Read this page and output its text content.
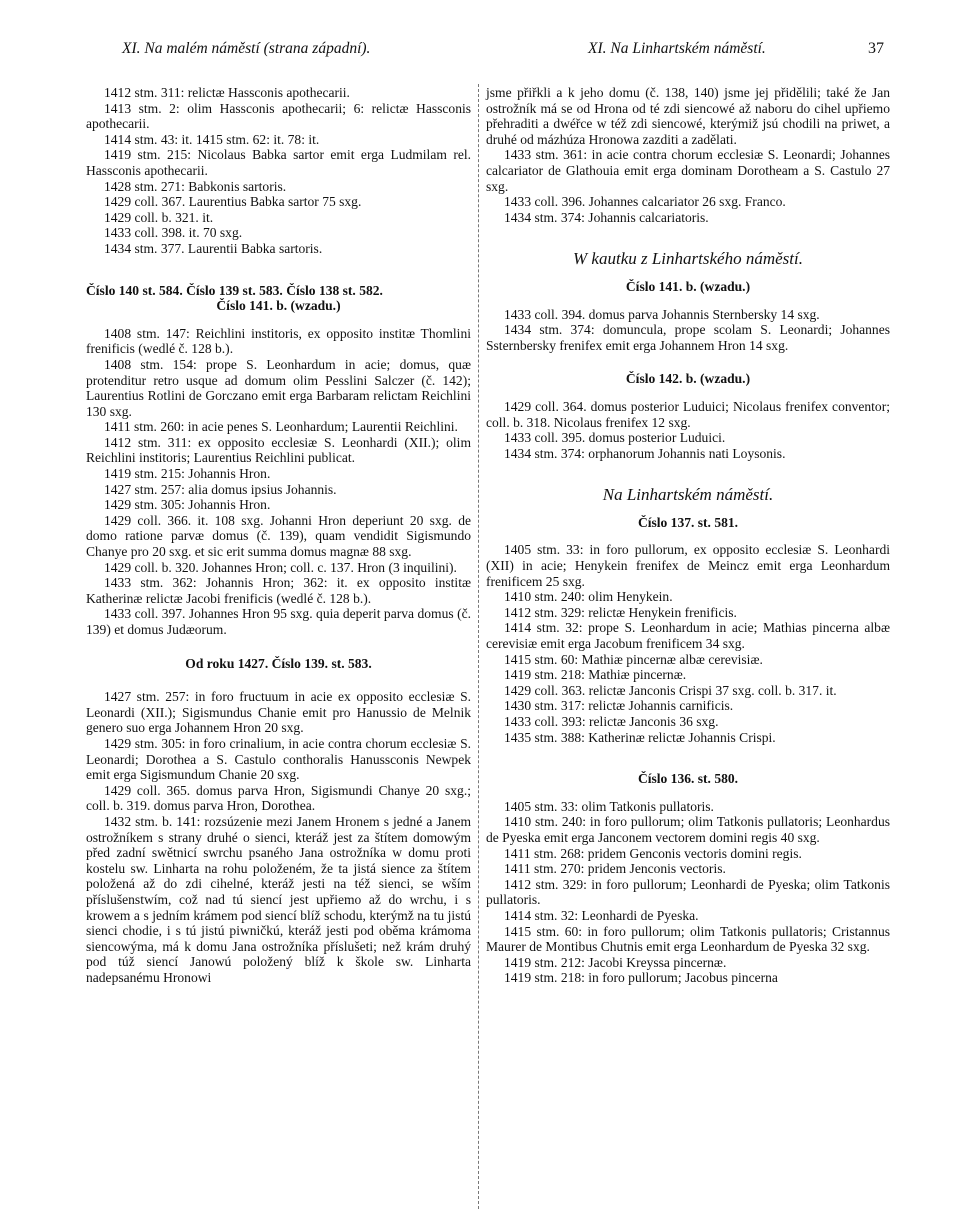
XI. Na malém náměstí (strana západní).	XI. Na Linhartském náměstí.	37

1412 stm. 311: relictæ Hassconis apothecarii.

1413 stm. 2: olim Hassconis apothecarii; 6: relictæ Hassconis apothecarii.

1414 stm. 43: it. 1415 stm. 62: it. 78: it.

1419 stm. 215: Nicolaus Babka sartor emit erga Ludmilam rel. Hassconis apothecarii.

1428 stm. 271: Babkonis sartoris.

1429 coll. 367. Laurentius Babka sartor 75 sxg.

1429 coll. b. 321. it.

1433 coll. 398. it. 70 sxg.

1434 stm. 377. Laurentii Babka sartoris.

Číslo 140 st. 584. Číslo 139 st. 583. Číslo 138 st. 582.

Číslo 141. b. (wzadu.)

1408 stm. 147: Reichlini institoris, ex opposito institæ Thomlini frenificis (wedlé č. 128 b.).

1408 stm. 154: prope S. Leonhardum in acie; domus, quæ protenditur retro usque ad domum olim Pesslini Salczer (č. 142); Laurentius Rotlini de Gorczano emit erga Barbaram relictam Reichlini 130 sxg.

1411 stm. 260: in acie penes S. Leonhardum; Laurentii Reichlini.

1412 stm. 311: ex opposito ecclesiæ S. Leonhardi (XII.); olim Reichlini institoris; Laurentius Reichlini publicat.

1419 stm. 215: Johannis Hron.

1427 stm. 257: alia domus ipsius Johannis.

1429 stm. 305: Johannis Hron.

1429 coll. 366. it. 108 sxg. Johanni Hron deperiunt 20 sxg. de domo ratione parvæ domus (č. 139), quam vendidit Sigismundo Chanye pro 20 sxg. et sic erit summa domus magnæ 88 sxg.

1429 coll. b. 320. Johannes Hron; coll. c. 137. Hron (3 inquilini).

1433 stm. 362: Johannis Hron; 362: it. ex opposito institæ Katherinæ relictæ Jacobi frenificis (wedlé č. 128 b.).

1433 coll. 397. Johannes Hron 95 sxg. quia deperit parva domus (č. 139) et domus Judæorum.

Od roku 1427. Číslo 139. st. 583.

1427 stm. 257: in foro fructuum in acie ex opposito ecclesiæ S. Leonardi (XII.); Sigismundus Chanie emit pro Hanussio de Melnik genero suo erga Johannem Hron 20 sxg.

1429 stm. 305: in foro crinalium, in acie contra chorum ecclesiæ S. Leonardi; Dorothea a S. Castulo conthoralis Hanussconis Newpek emit erga Sigismundum Chanie 20 sxg.

1429 coll. 365. domus parva Hron, Sigismundi Chanye 20 sxg.; coll. b. 319. domus parva Hron, Dorothea.

1432 stm. b. 141: rozsúzenie mezi Janem Hronem s jedné a Janem ostrožníkem s strany druhé o sienci, kteráž jest za štítem domowým před zadní swětnicí swrchu psaného Jana ostrožníka w domu proti kostelu sw. Linharta na rohu položeném, že ta jistá sience za štítem položená až do zdi cihelné, kteráž jesti na též sienci, se wším příslušenstwím, což nad tú siencí jest upřiemo až do wrchu, i s krowem a s jedním krámem pod siencí blíž schodu, kterýmž na tu jistú sienci chodie, i s tú jistú piwničkú, kteráž jesti pod oběma krámoma siencowýma, má k domu Jana ostrožníka příslušeti; než krám druhý pod túž siencí Janowú položený blíž k škole sw. Linharta nadepsanému Hronowi

jsme přiřkli a k jeho domu (č. 138, 140) jsme jej přidělili; také že Jan ostrožník má se od Hrona od té zdi siencowé až naboru do cihel upřiemo přehraditi a dwéřce w též zdi siencowé, kterýmiž jsú chodili na priwet, a druhé od mázhúza Hronowa zazditi a zadělati.

1433 stm. 361: in acie contra chorum ecclesiæ S. Leonardi; Johannes calcariator de Glathouia emit erga dominam Dorotheam a S. Castulo 27 sxg.

1433 coll. 396. Johannes calcariator 26 sxg. Franco.

1434 stm. 374: Johannis calcariatoris.

W kautku z Linhartského náměstí.

Číslo 141. b. (wzadu.)

1433 coll. 394. domus parva Johannis Sternbersky 14 sxg.

1434 stm. 374: domuncula, prope scolam S. Leonardi; Johannes Ssternbersky frenifex emit erga Johannem Hron 14 sxg.

Číslo 142. b. (wzadu.)

1429 coll. 364. domus posterior Luduici; Nicolaus frenifex conventor; coll. b. 318. Nicolaus frenifex 12 sxg.

1433 coll. 395. domus posterior Luduici.

1434 stm. 374: orphanorum Johannis nati Loysonis.

Na Linhartském náměstí.

Číslo 137. st. 581.

1405 stm. 33: in foro pullorum, ex opposito ecclesiæ S. Leonhardi (XII) in acie; Henykein frenifex de Meincz emit erga Leonhardum frenificem 25 sxg.

1410 stm. 240: olim Henykein.

1412 stm. 329: relictæ Henykein frenificis.

1414 stm. 32: prope S. Leonhardum in acie; Mathias pincerna albæ cerevisiæ emit erga Jacobum frenificem 34 sxg.

1415 stm. 60: Mathiæ pincernæ albæ cerevisiæ.

1419 stm. 218: Mathiæ pincernæ.

1429 coll. 363. relictæ Janconis Crispi 37 sxg. coll. b. 317. it.

1430 stm. 317: relictæ Johannis carnificis.

1433 coll. 393: relictæ Janconis 36 sxg.

1435 stm. 388: Katherinæ relictæ Johannis Crispi.

Číslo 136. st. 580.

1405 stm. 33: olim Tatkonis pullatoris.

1410 stm. 240: in foro pullorum; olim Tatkonis pullatoris; Leonhardus de Pyeska emit erga Janconem vectorem domini regis 40 sxg.

1411 stm. 268: pridem Genconis vectoris domini regis.

1411 stm. 270: pridem Jenconis vectoris.

1412 stm. 329: in foro pullorum; Leonhardi de Pyeska; olim Tatkonis pullatoris.

1414 stm. 32: Leonhardi de Pyeska.

1415 stm. 60: in foro pullorum; olim Tatkonis pullatoris; Cristannus Maurer de Montibus Chutnis emit erga Leonhardum de Pyeska 32 sxg.

1419 stm. 212: Jacobi Kreyssa pincernæ.

1419 stm. 218: in foro pullorum; Jacobus pincerna
